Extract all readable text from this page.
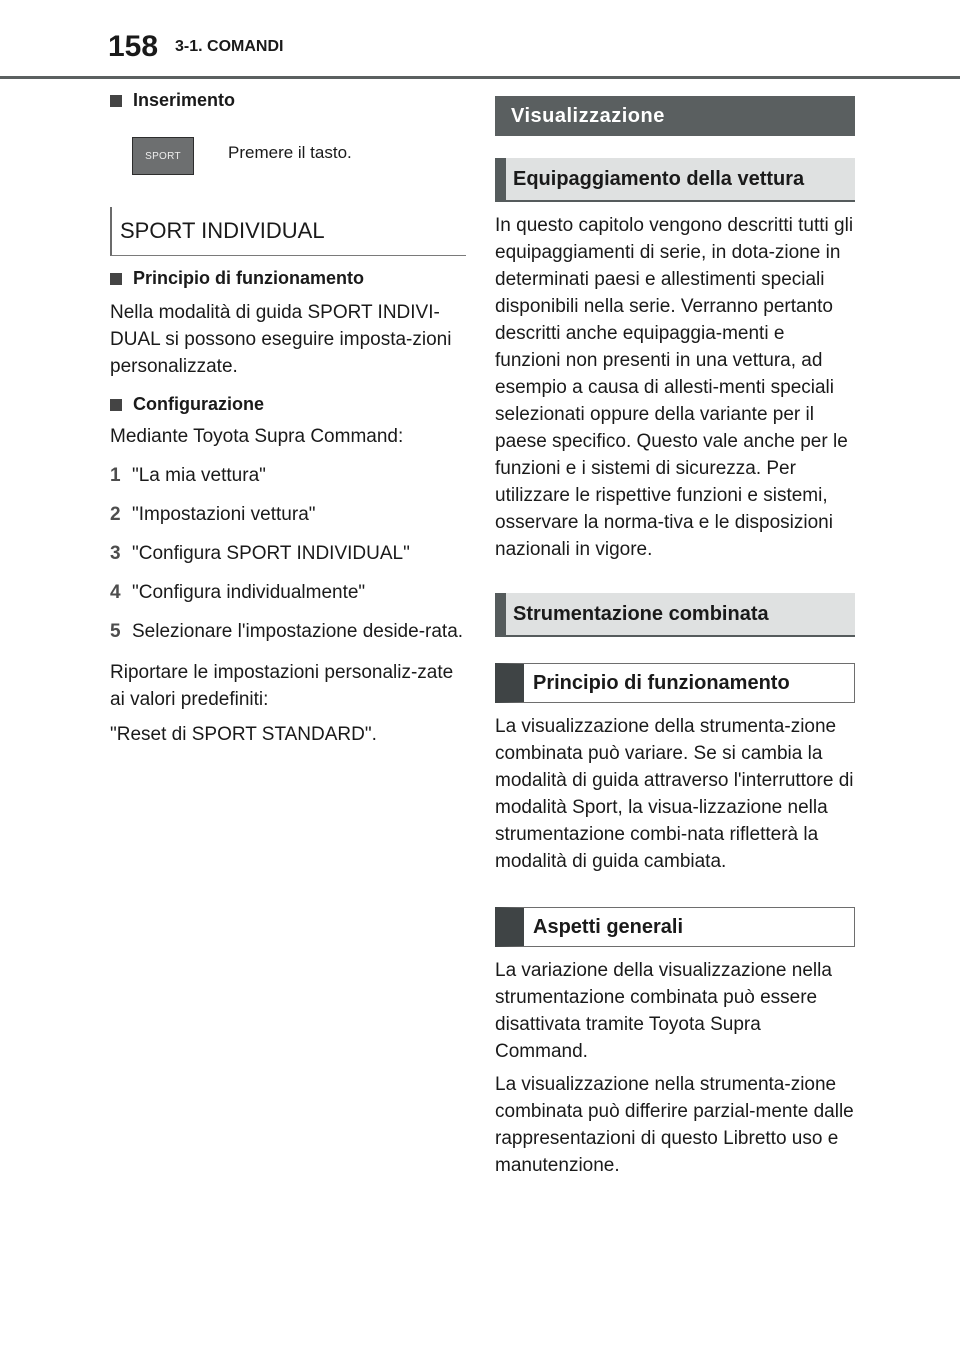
158 3-1. COMANDI
Inserimento
SPORT	Premere il tasto.
SPORT INDIVIDUAL
Principio di funzionamento

Nella modalità di guida SPORT INDIVI-DUAL si possono eseguire imposta-zioni personalizzate.

Configurazione

Mediante Toyota Supra Command:

1 "La mia vettura"
2 "Impostazioni vettura"
3 "Configura SPORT INDIVIDUAL"
4 "Configura individualmente"
5 Selezionare l'impostazione deside-rata.

Riportare le impostazioni personaliz-zate ai valori predefiniti:

"Reset di SPORT STANDARD".

Visualizzazione
Equipaggiamento della vettura

In questo capitolo vengono descritti tutti gli equipaggiamenti di serie, in dota-zione in determinati paesi e allestimenti speciali disponibili nella serie. Verranno pertanto descritti anche equipaggia-menti e funzioni non presenti in una vettura, ad esempio a causa di allesti-menti speciali selezionati oppure della variante per il paese specifico. Questo vale anche per le funzioni e i sistemi di sicurezza. Per utilizzare le rispettive funzioni e sistemi, osservare la norma-tiva e le disposizioni nazionali in vigore.

Strumentazione combinata
Principio di funzionamento

La visualizzazione della strumenta-zione combinata può variare. Se si cambia la modalità di guida attraverso l'interruttore di modalità Sport, la visua-lizzazione nella strumentazione combi-nata rifletterà la modalità di guida cambiata.

Aspetti generali

La variazione della visualizzazione nella strumentazione combinata può essere disattivata tramite Toyota Supra Command.

La visualizzazione nella strumenta-zione combinata può differire parzial-mente dalle rappresentazioni di questo Libretto uso e manutenzione.
